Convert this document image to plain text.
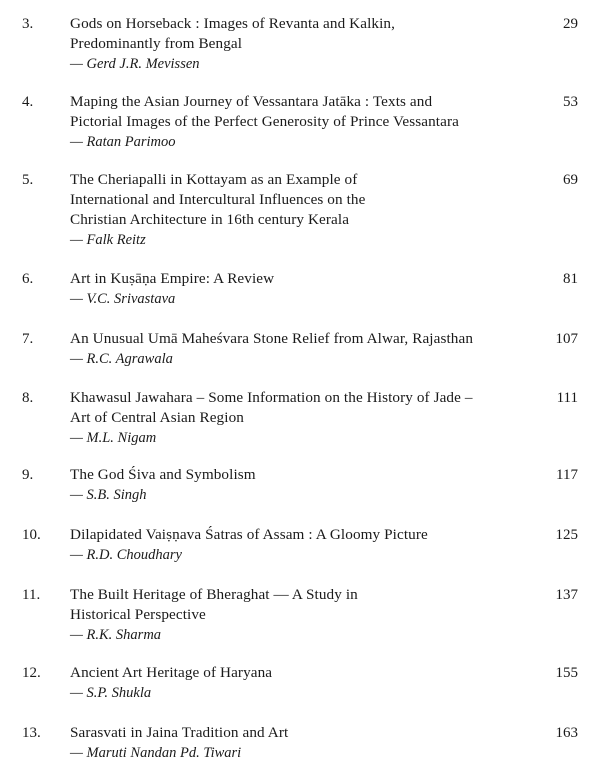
3. Gods on Horseback : Images of Revanta and Kalkin,
Predominantly from Bengal
— Gerd J.R. Mevissen
29
4. Maping the Asian Journey of Vessantara Jatāka : Texts and
Pictorial Images of the Perfect Generosity of Prince Vessantara
— Ratan Parimoo
53
5. The Cheriapalli in Kottayam as an Example of
International and Intercultural Influences on the
Christian Architecture in 16th century Kerala
— Falk Reitz
69
6. Art in Kuṣāṇa Empire: A Review
— V.C. Srivastava
81
7. An Unusual Umā Maheśvara Stone Relief from Alwar, Rajasthan
— R.C. Agrawala
107
8. Khawasul Jawahara – Some Information on the History of Jade –
Art of Central Asian Region
— M.L. Nigam
111
9. The God Śiva and Symbolism
— S.B. Singh
117
10. Dilapidated Vaiṣṇava Śatras of Assam : A Gloomy Picture
— R.D. Choudhary
125
11. The Built Heritage of Bheraghat — A Study in
Historical Perspective
— R.K. Sharma
137
12. Ancient Art Heritage of Haryana
— S.P. Shukla
155
13. Sarasvati in Jaina Tradition and Art
— Maruti Nandan Pd. Tiwari
163
